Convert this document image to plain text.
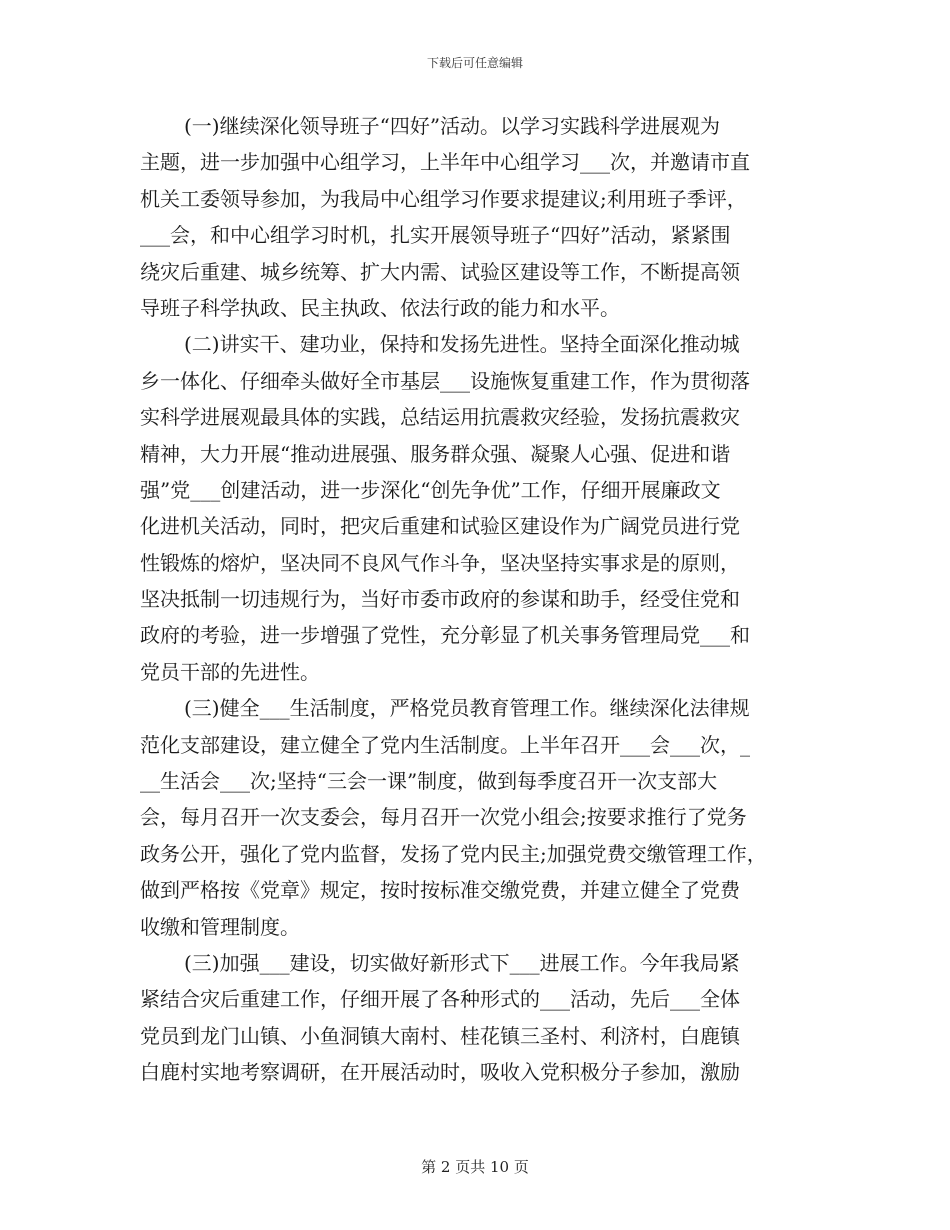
下载后可任意编辑
(一)继续深化领导班子“四好”活动。以学习实践科学进展观为
主题，进一步加强中心组学习，上半年中心组学习___次，并邀请市直
机关工委领导参加，为我局中心组学习作要求提建议;利用班子季评，
___会，和中心组学习时机，扎实开展领导班子“四好”活动，紧紧围
绕灾后重建、城乡统筹、扩大内需、试验区建设等工作，不断提高领
导班子科学执政、民主执政、依法行政的能力和水平。
(二)讲实干、建功业，保持和发扬先进性。坚持全面深化推动城
乡一体化、仔细牵头做好全市基层___设施恢复重建工作，作为贯彻落
实科学进展观最具体的实践，总结运用抗震救灾经验，发扬抗震救灾
精神，大力开展“推动进展强、服务群众强、凝聚人心强、促进和谐
强”党___创建活动，进一步深化“创先争优”工作，仔细开展廉政文
化进机关活动，同时，把灾后重建和试验区建设作为广阔党员进行党
性锻炼的熔炉，坚决同不良风气作斗争，坚决坚持实事求是的原则，
坚决抵制一切违规行为，当好市委市政府的参谋和助手，经受住党和
政府的考验，进一步增强了党性，充分彰显了机关事务管理局党___和
党员干部的先进性。
(三)健全___生活制度，严格党员教育管理工作。继续深化法律规
范化支部建设，建立健全了党内生活制度。上半年召开___会___次，_
__生活会___次;坚持“三会一课”制度，做到每季度召开一次支部大
会，每月召开一次支委会，每月召开一次党小组会;按要求推行了党务
政务公开，强化了党内监督，发扬了党内民主;加强党费交缴管理工作，
做到严格按《党章》规定，按时按标准交缴党费，并建立健全了党费
收缴和管理制度。
(三)加强___建设，切实做好新形式下___进展工作。今年我局紧
紧结合灾后重建工作，仔细开展了各种形式的___活动，先后___全体
党员到龙门山镇、小鱼洞镇大南村、桂花镇三圣村、利济村，白鹿镇
白鹿村实地考察调研，在开展活动时，吸收入党积极分子参加，激励
第 2 页共 10 页
